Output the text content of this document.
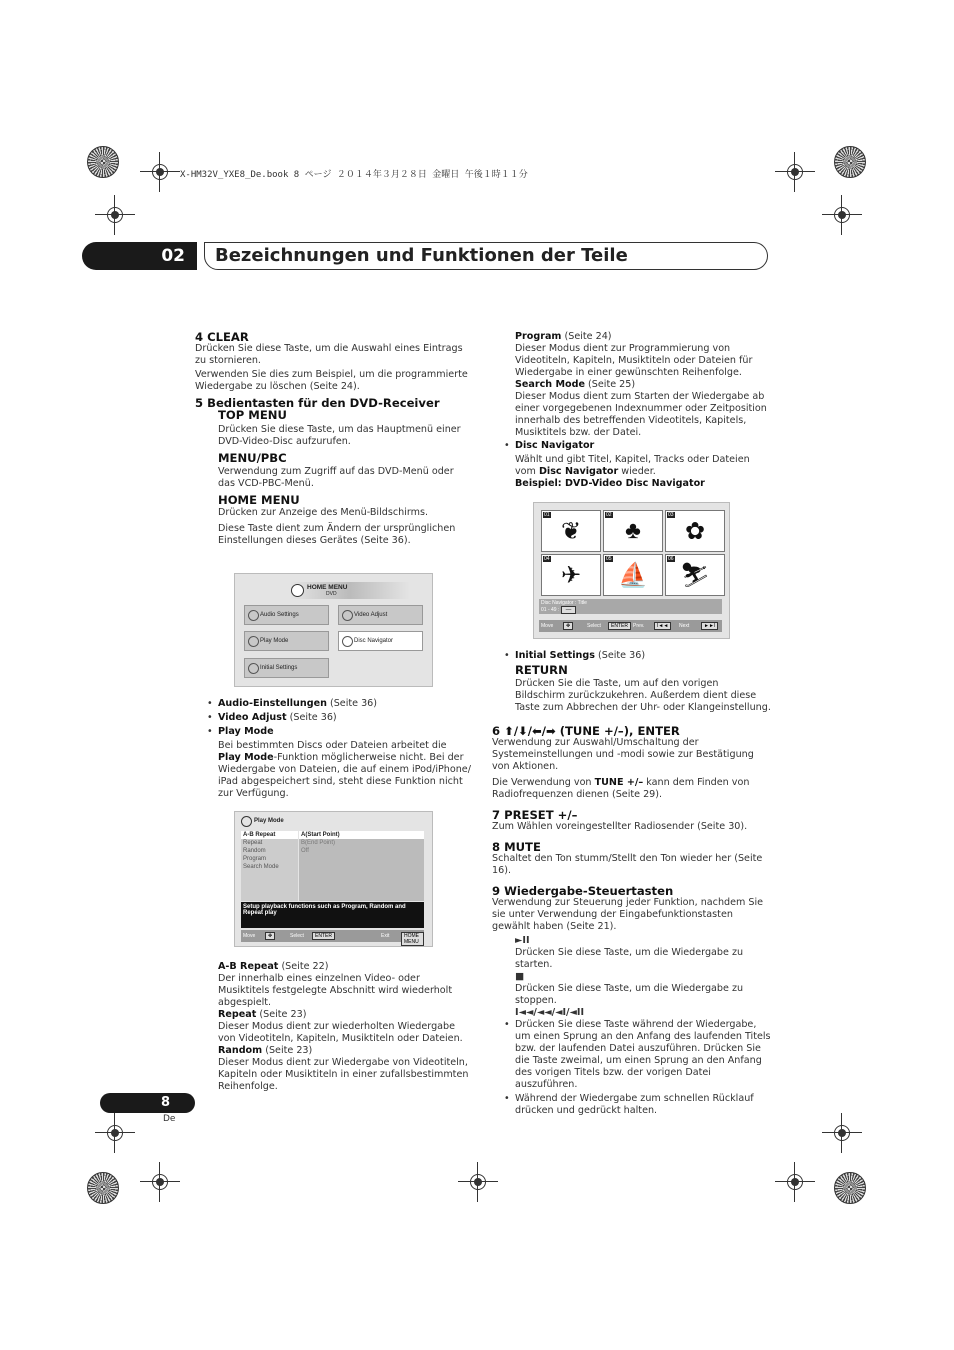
X-HM32V_YXE8_De.book 8 ページ ２０１４年３月２８日 金曜日 午後１時１１分
02	Bezeichnungen und Funktionen der Teile
4 CLEAR

Drücken Sie diese Taste, um die Auswahl eines Eintrags zu stornieren.

Verwenden Sie dies zum Beispiel, um die programmierte Wiedergabe zu löschen (Seite 24).

5 Bedientasten für den DVD-Receiver
TOP MENU

Drücken Sie diese Taste, um das Hauptmenü einer DVD-Video-Disc aufzurufen.

MENU/PBC

Verwendung zum Zugriff auf das DVD-Menü oder das VCD-PBC-Menü.

HOME MENU

Drücken zur Anzeige des Menü-Bildschirms.

Diese Taste dient zum Ändern der ursprünglichen Einstellungen dieses Gerätes (Seite 36).

HOME MENU
DVD
Audio Settings	Video Adjust
Play Mode	Disc Navigator
Initial Settings
• Audio-Einstellungen (Seite 36)
• Video Adjust (Seite 36)
• Play Mode

Bei bestimmten Discs oder Dateien arbeitet die Play Mode-Funktion möglicherweise nicht. Bei der Wiedergabe von Dateien, die auf einem iPod/iPhone/ iPad abgespeichert sind, steht diese Funktion nicht zur Verfügung.

Play Mode
A-B Repeat
Repeat
Random
Program
Search Mode
A(Start Point)
B(End Point)
Off
Setup playback functions such as Program, Random and Repeat play
Move	✥	Select	ENTER	Exit	HOME MENU
A-B Repeat (Seite 22)

Der innerhalb eines einzelnen Video- oder Musiktitels festgelegte Abschnitt wird wiederholt abgespielt.

Repeat (Seite 23)

Dieser Modus dient zur wiederholten Wiedergabe von Videotiteln, Kapiteln, Musiktiteln oder Dateien.

Random (Seite 23)

Dieser Modus dient zur Wiedergabe von Videotiteln, Kapiteln oder Musiktiteln in einer zufallsbestimmten Reihenfolge.

Program (Seite 24)

Dieser Modus dient zur Programmierung von Videotiteln, Kapiteln, Musiktiteln oder Dateien für Wiedergabe in einer gewünschten Reihenfolge.

Search Mode (Seite 25)

Dieser Modus dient zum Starten der Wiedergabe ab einer vorgegebenen Indexnummer oder Zeitposition innerhalb des betreffenden Videotitels, Kapitels, Musiktitels bzw. der Datei.

• Disc Navigator

Wählt und gibt Titel, Kapitel, Tracks oder Dateien vom Disc Navigator wieder.

Beispiel: DVD-Video Disc Navigator

01
❦
02
♣
03
✿
04
✈
05
⛵
06
⛷
Disc Navigator : Title
01 - 49 : ‒‒
Move	✥	Select	ENTER	Prev.	I◄◄	Next	►►I
• Initial Settings (Seite 36)
RETURN

Drücken Sie die Taste, um auf den vorigen Bildschirm zurückzukehren. Außerdem dient diese Taste zum Abbrechen der Uhr- oder Klangeinstellung.

6 ⬆/⬇/⬅/➡ (TUNE +/–), ENTER

Verwendung zur Auswahl/Umschaltung der Systemeinstellungen und -modi sowie zur Bestätigung von Aktionen.

Die Verwendung von TUNE +/– kann dem Finden von Radiofrequenzen dienen (Seite 29).

7 PRESET +/–

Zum Wählen voreingestellter Radiosender (Seite 30).

8 MUTE

Schaltet den Ton stumm/Stellt den Ton wieder her (Seite 16).

9 Wiedergabe-Steuertasten

Verwendung zur Steuerung jeder Funktion, nachdem Sie sie unter Verwendung der Eingabefunktionstasten gewählt haben (Seite 21).

►II

Drücken Sie diese Taste, um die Wiedergabe zu starten.

■

Drücken Sie diese Taste, um die Wiedergabe zu stoppen.

I◄◄/◄◄/◄I/◄II
• Drücken Sie diese Taste während der Wiedergabe, um einen Sprung an den Anfang des laufenden Titels bzw. der laufenden Datei auszuführen. Drücken Sie die Taste zweimal, um einen Sprung an den Anfang des vorigen Titels bzw. der vorigen Datei auszuführen.
• Während der Wiedergabe zum schnellen Rücklauf drücken und gedrückt halten.
8
De
